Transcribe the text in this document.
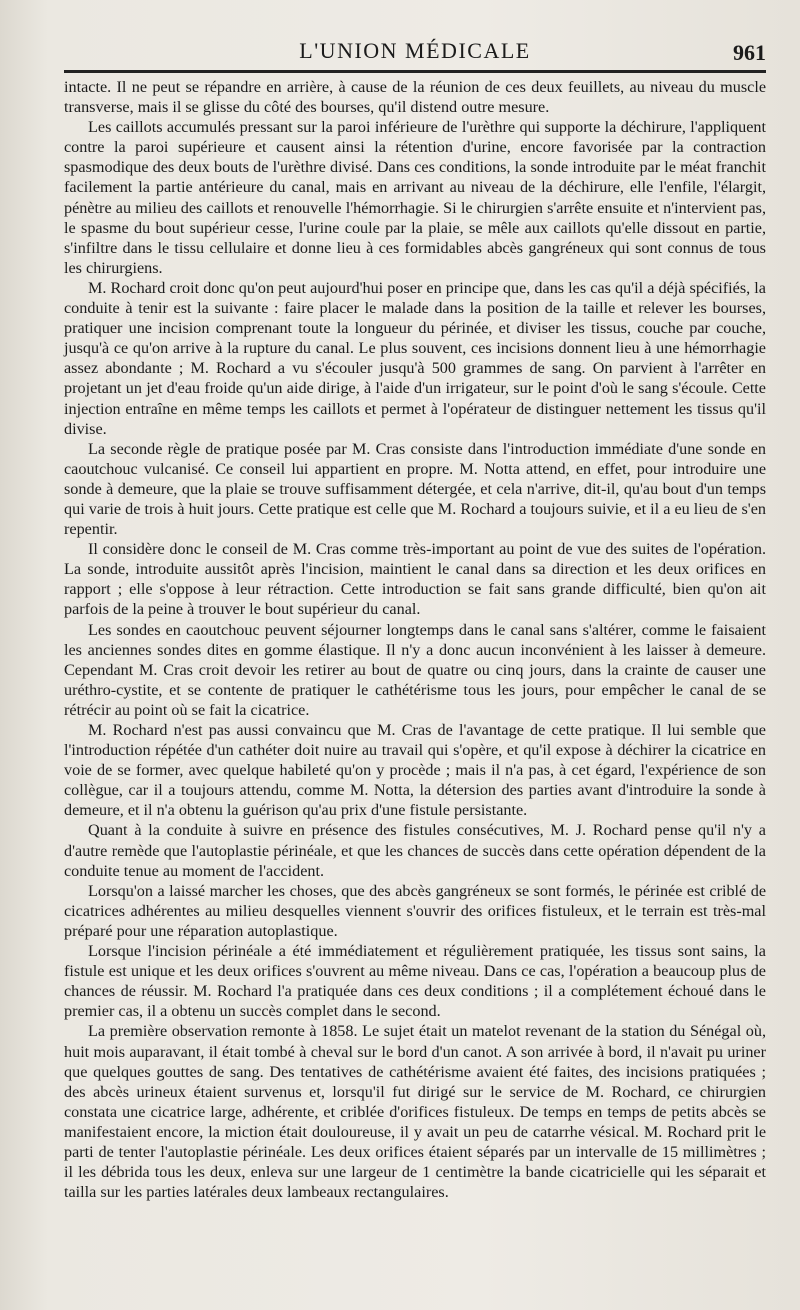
L'UNION MÉDICALE	961

intacte. Il ne peut se répandre en arrière, à cause de la réunion de ces deux feuillets, au niveau du muscle transverse, mais il se glisse du côté des bourses, qu'il distend outre mesure.

Les caillots accumulés pressant sur la paroi inférieure de l'urèthre qui supporte la déchirure, l'appliquent contre la paroi supérieure et causent ainsi la rétention d'urine, encore favorisée par la contraction spasmodique des deux bouts de l'urèthre divisé. Dans ces conditions, la sonde introduite par le méat franchit facilement la partie antérieure du canal, mais en arrivant au niveau de la déchirure, elle l'enfile, l'élargit, pénètre au milieu des caillots et renouvelle l'hémorrhagie. Si le chirurgien s'arrête ensuite et n'intervient pas, le spasme du bout supérieur cesse, l'urine coule par la plaie, se mêle aux caillots qu'elle dissout en partie, s'infiltre dans le tissu cellulaire et donne lieu à ces formidables abcès gangréneux qui sont connus de tous les chirurgiens.

M. Rochard croit donc qu'on peut aujourd'hui poser en principe que, dans les cas qu'il a déjà spécifiés, la conduite à tenir est la suivante : faire placer le malade dans la position de la taille et relever les bourses, pratiquer une incision comprenant toute la longueur du périnée, et diviser les tissus, couche par couche, jusqu'à ce qu'on arrive à la rupture du canal. Le plus souvent, ces incisions donnent lieu à une hémorrhagie assez abondante ; M. Rochard a vu s'écouler jusqu'à 500 grammes de sang. On parvient à l'arrêter en projetant un jet d'eau froide qu'un aide dirige, à l'aide d'un irrigateur, sur le point d'où le sang s'écoule. Cette injection entraîne en même temps les caillots et permet à l'opérateur de distinguer nettement les tissus qu'il divise.

La seconde règle de pratique posée par M. Cras consiste dans l'introduction immédiate d'une sonde en caoutchouc vulcanisé. Ce conseil lui appartient en propre. M. Notta attend, en effet, pour introduire une sonde à demeure, que la plaie se trouve suffisamment détergée, et cela n'arrive, dit-il, qu'au bout d'un temps qui varie de trois à huit jours. Cette pratique est celle que M. Rochard a toujours suivie, et il a eu lieu de s'en repentir.

Il considère donc le conseil de M. Cras comme très-important au point de vue des suites de l'opération. La sonde, introduite aussitôt après l'incision, maintient le canal dans sa direction et les deux orifices en rapport ; elle s'oppose à leur rétraction. Cette introduction se fait sans grande difficulté, bien qu'on ait parfois de la peine à trouver le bout supérieur du canal.

Les sondes en caoutchouc peuvent séjourner longtemps dans le canal sans s'altérer, comme le faisaient les anciennes sondes dites en gomme élastique. Il n'y a donc aucun inconvénient à les laisser à demeure. Cependant M. Cras croit devoir les retirer au bout de quatre ou cinq jours, dans la crainte de causer une uréthro-cystite, et se contente de pratiquer le cathétérisme tous les jours, pour empêcher le canal de se rétrécir au point où se fait la cicatrice.

M. Rochard n'est pas aussi convaincu que M. Cras de l'avantage de cette pratique. Il lui semble que l'introduction répétée d'un cathéter doit nuire au travail qui s'opère, et qu'il expose à déchirer la cicatrice en voie de se former, avec quelque habileté qu'on y procède ; mais il n'a pas, à cet égard, l'expérience de son collègue, car il a toujours attendu, comme M. Notta, la détersion des parties avant d'introduire la sonde à demeure, et il n'a obtenu la guérison qu'au prix d'une fistule persistante.

Quant à la conduite à suivre en présence des fistules consécutives, M. J. Rochard pense qu'il n'y a d'autre remède que l'autoplastie périnéale, et que les chances de succès dans cette opération dépendent de la conduite tenue au moment de l'accident.

Lorsqu'on a laissé marcher les choses, que des abcès gangréneux se sont formés, le périnée est criblé de cicatrices adhérentes au milieu desquelles viennent s'ouvrir des orifices fistuleux, et le terrain est très-mal préparé pour une réparation autoplastique.

Lorsque l'incision périnéale a été immédiatement et régulièrement pratiquée, les tissus sont sains, la fistule est unique et les deux orifices s'ouvrent au même niveau. Dans ce cas, l'opération a beaucoup plus de chances de réussir. M. Rochard l'a pratiquée dans ces deux conditions ; il a complétement échoué dans le premier cas, il a obtenu un succès complet dans le second.

La première observation remonte à 1858. Le sujet était un matelot revenant de la station du Sénégal où, huit mois auparavant, il était tombé à cheval sur le bord d'un canot. A son arrivée à bord, il n'avait pu uriner que quelques gouttes de sang. Des tentatives de cathétérisme avaient été faites, des incisions pratiquées ; des abcès urineux étaient survenus et, lorsqu'il fut dirigé sur le service de M. Rochard, ce chirurgien constata une cicatrice large, adhérente, et criblée d'orifices fistuleux. De temps en temps de petits abcès se manifestaient encore, la miction était douloureuse, il y avait un peu de catarrhe vésical. M. Rochard prit le parti de tenter l'autoplastie périnéale. Les deux orifices étaient séparés par un intervalle de 15 millimètres ; il les débrida tous les deux, enleva sur une largeur de 1 centimètre la bande cicatricielle qui les séparait et tailla sur les parties latérales deux lambeaux rectangulaires.
